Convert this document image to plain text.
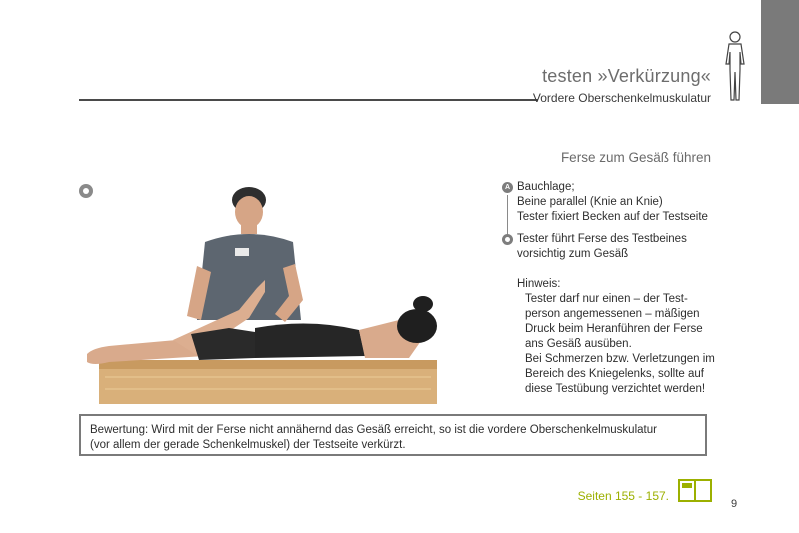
testen »Verkürzung«
Vordere Oberschenkelmuskulatur
Ferse zum Gesäß führen
A Bauchlage;

Beine parallel (Knie an Knie)

Tester fixiert Becken auf der Testseite

Tester führt Ferse des Testbeines

vorsichtig zum Gesäß

Hinweis:

Tester darf nur einen – der Test-

person angemessenen – mäßigen

Druck beim Heranführen der Ferse

ans Gesäß ausüben.

Bei Schmerzen bzw. Verletzungen im

Bereich des Kniegelenks, sollte auf

diese Testübung verzichtet werden!

Bewertung: Wird mit der Ferse nicht annähernd das Gesäß erreicht, so ist die vordere Oberschenkelmuskulatur

(vor allem der gerade Schenkelmuskel) der Testseite verkürzt.

Seiten 155 - 157.
9
